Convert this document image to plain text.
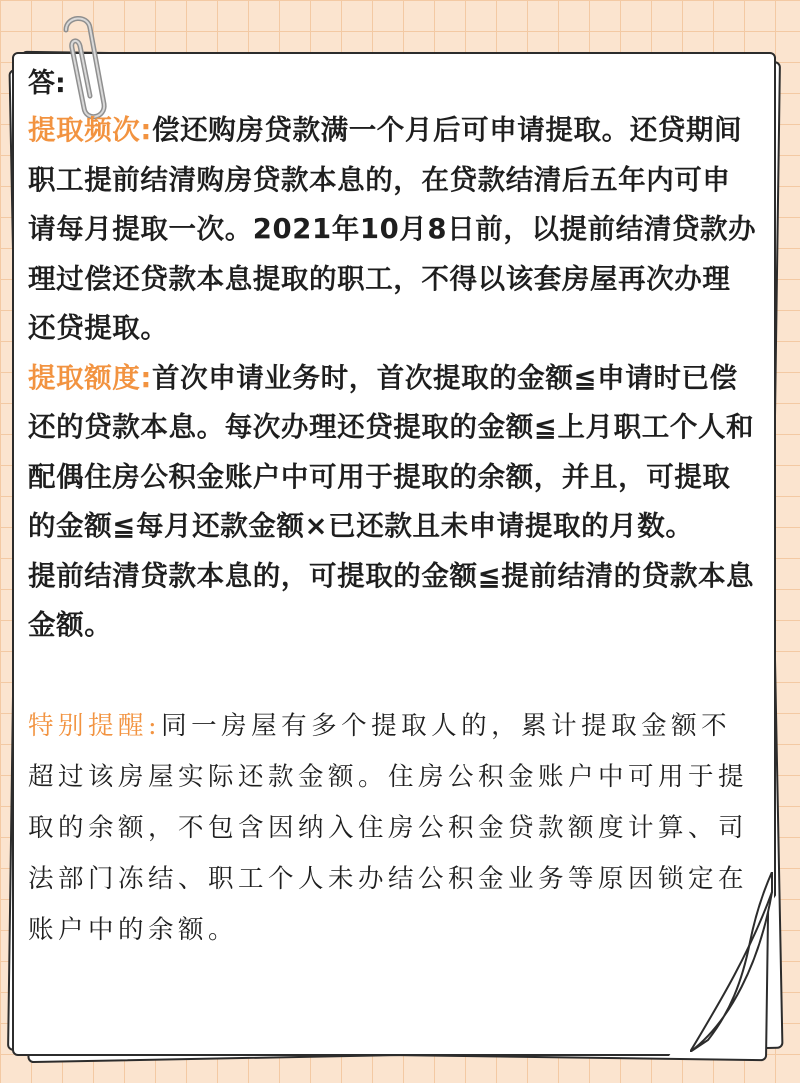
答:

提取频次:偿还购房贷款满一个月后可申请提取。还贷期间职工提前结清购房贷款本息的，在贷款结清后五年内可申请每月提取一次。2021年10月8日前，以提前结清贷款办理过偿还贷款本息提取的职工，不得以该套房屋再次办理还贷提取。

提取额度:首次申请业务时，首次提取的金额≦申请时已偿还的贷款本息。每次办理还贷提取的金额≦上月职工个人和配偶住房公积金账户中可用于提取的余额，并且，可提取的金额≦每月还款金额×已还款且未申请提取的月数。

提前结清贷款本息的，可提取的金额≦提前结清的贷款本息金额。

特别提醒:同一房屋有多个提取人的，累计提取金额不超过该房屋实际还款金额。住房公积金账户中可用于提取的余额，不包含因纳入住房公积金贷款额度计算、司法部门冻结、职工个人未办结公积金业务等原因锁定在账户中的余额。
